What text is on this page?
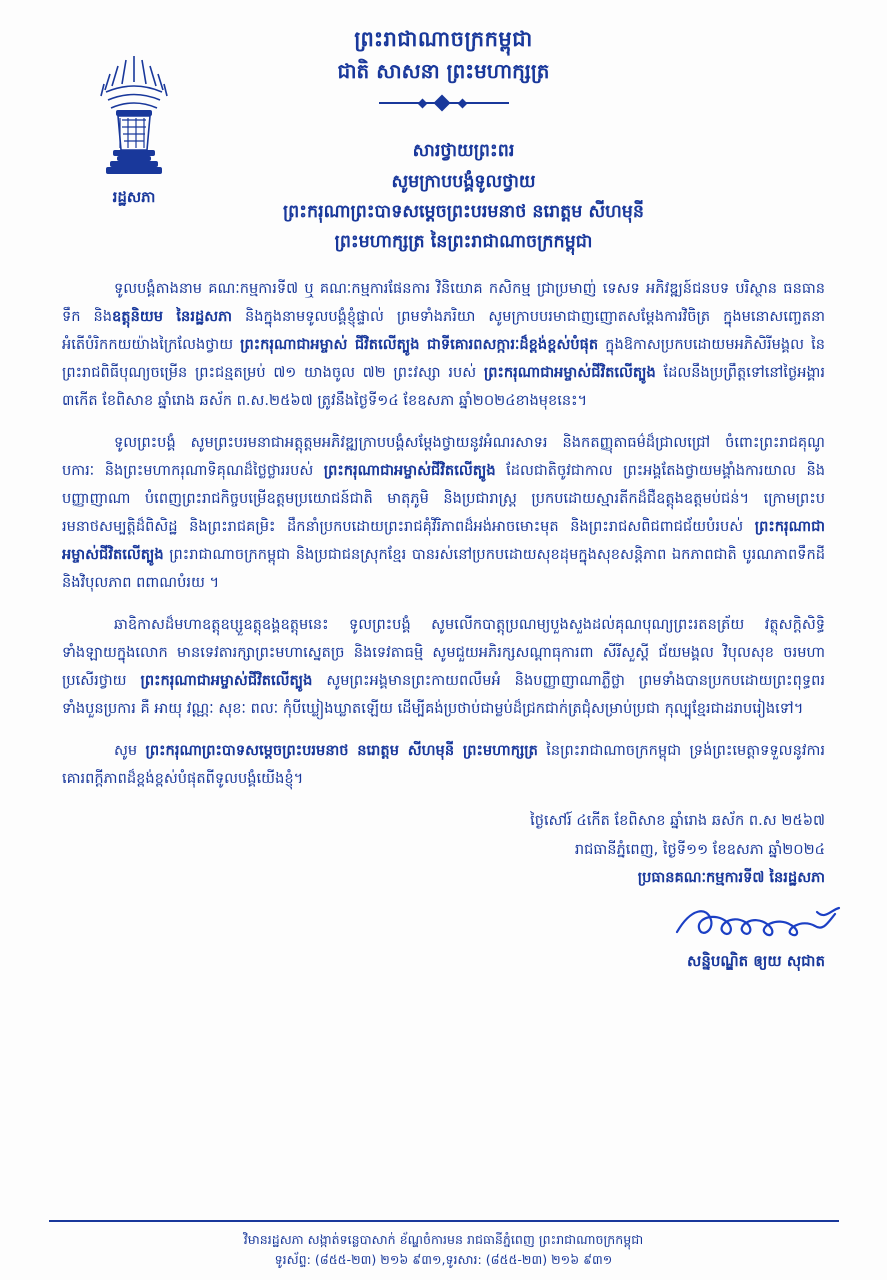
រដ្ឋសភា
ព្រះរាជាណាចក្រកម្ពុជា
ជាតិ សាសនា ព្រះមហាក្សត្រ
សារថ្វាយព្រះពរ
សូមក្រាបបង្គំទូលថ្វាយ
ព្រះករុណាព្រះបាទសម្តេចព្រះបរមនាថ នរោត្តម សីហមុនី
ព្រះមហាក្សត្រ នៃព្រះរាជាណាចក្រកម្ពុជា
ទូលបង្គំតាងនាម គណៈកម្មការទី៧ ឬ ​គណៈកម្មការផែនការ វិនិយោគ កសិកម្ម ជ្រាប្រមាញ់ ទេសទ អភិវឌ្ឍន៍ជនបទ បរិស្ថាន ធនធានទឹក និងឧត្តុនិយម នៃរដ្ឋសភា និងក្នុងនាមទូលបង្គំខ្ញុំផ្ទាល់ ព្រមទាំងភរិយា សូមក្រាបបរមាជាញញោតសម្តែងការវិចិត្រ ក្នុងមនោសញ្ចេតនា អំតើបំរិកកយយ៉ាងក្រៃលែងថ្វាយ ព្រះករុណាជាអម្ចាស់ ជីវិតលើត្បូង ជាទីគោរពសក្ការៈដ៏ខ្ពង់ខ្ពស់បំផុត ក្នុងឱកាសប្រកបដោយមអភិសិរីមង្គល នៃព្រះរាជពិធីបុណ្យចម្រើន ព្រះជន្មតម្រប់ ៧១ យាងចូល ៧២ ព្រះវស្សា របស់ ព្រះករុណាជាអម្ចាស់ជីវិតលើត្បូង ដែលនឹងប្រព្រឹត្តទៅនៅថ្ងៃអង្គារ ៣កើត ខែពិសាខ ឆ្នាំរោង ឆស័ក ព.ស.២៥៦៧ ត្រូវនឹងថ្ងៃទី១៤ ខែឧសភា ឆ្នាំ២០២៤ខាងមុខនេះ។
ទូលព្រះបង្គំ សូមព្រះបរមនាជាអត្តុត្តមអភិវឌ្ឍក្រាបបង្គំសម្តែងថ្វាយនូវអំណរសាទរ និងកតញ្ញុតាធម៌ដ៏ជ្រាលជ្រៅ ចំពោះព្រះរាជគុណូបការៈ និងព្រះមហាករុណាទិគុណដ៏ថ្លៃថ្លាររបស់ ព្រះករុណាជាអម្ចាស់ជីវិតលើត្បូង ដែលជាតិចូវជាកាល ព្រះអង្គតែងថ្វាយមង្គាំងការយាល និងបញ្ញាញាណា បំពេញព្រះរាជកិច្ចបម្រើឧត្តមប្រយោជន៍ជាតិ មាតុភូមិ និងប្រជារាស្ត្រ ប្រកបដោយស្មារតីកដ៏ជឺឧត្តុងឧត្តមប់ជន់។ ក្រោមព្រះបរមនាថសម្បត្តិដ៏ពិសិដ្ឋ និងព្រះរាជគម្រិះ ដឹកនាំប្រកបដោយព្រះរាជគុំវិរិភាពដ៏អង់អាចមោះមុត និងព្រះរាជសពិជពាជជ័យបំរបស់ ព្រះករុណាជាអម្ចាស់ជីវិតលើត្បូង ព្រះរាជាណាចក្រកម្ពុជា និងប្រជាជនស្រុកខ្មែរ បានរស់នៅប្រកបដោយសុខដុមក្នុងសុខសន្តិភាព ឯកភាពជាតិ បូរណភាពទឹកដី និងវិបុលភាព ពពាណបំរយ ។
ឆាឧិកាសដ៏មហាឧត្តុឧប្សួឧត្តុឧង្គឧត្តុមនេះ ទូលព្រះបង្គំ សូមលើកបាត្តុប្រណម្យបួងសួងដល់គុណបុណ្យព្រះរតនត្រ័យ វត្ថុសក្តិសិទ្ធិទាំងឡាយក្នុងលោក មានទេវតារក្សាព្រះមហាស្នេតច្រ និងទេវតាធម្មិ សូមជួយអភិរក្សសណ្តាធុការពា សីរីសួស្តី ជ័យមង្គល វិបុលសុខ ចរមហាប្រសើរថ្វាយ ព្រះករុណាជាអម្ចាស់ជីវិតលើត្បូង សូមព្រះអង្គមានព្រះកាយពលឹមអំ និងបញ្ញាញាណាភ្លឺថ្លា ព្រមទាំងបានប្រកបដោយព្រះពុទ្ធពរ ទាំងបួនប្រការ គឺ អាយុ វណ្ណៈ សុខៈ ពលៈ កុំបីឃ្លៀងឃ្លាតឡើយ ដើម្បីគង់ប្រថាប់ជាម្លប់ដ៏ជ្រកជាក់ត្រជុំសម្រាប់ប្រជា កុល្បុខ្មែរជាដរាបរៀងទៅ។
សូម ព្រះករុណាព្រះបាទសម្តេចព្រះបរមនាថ នរោត្តម សីហមុនី ព្រះមហាក្សត្រ នៃព្រះរាជាណាចក្រកម្ពុជា ទ្រង់ព្រះមេត្តាទទួលនូវការគោរពក្តីភាពដ៏ខ្ពង់ខ្ពស់បំផុតពីទូលបង្គំយើងខ្ញុំ។
ថ្ងៃសៅរ៍ ៤កើត ខែពិសាខ ឆ្នាំរោង ឆស័ក ព.ស ២៥៦៧
រាជធានីភ្នំពេញ, ថ្ងៃទី១១ ខែឧសភា ឆ្នាំ២០២៤
ប្រធានគណៈកម្មការទី៧ នៃរដ្ឋសភា
សន្និបណ្ឌិត ឲ្យយ សុជាត
វិមានរដ្ឋសភា សង្កាត់ទន្លេបាសាក់ ខ័ណ្ឌចំការមន រាជធានីភ្នំពេញ ព្រះរាជាណាចក្រកម្ពុជា
ទូរស័ព្ទ: (៨៥៥-២៣) ២១៦ ៩៣១,ទូរសារ: (៨៥៥-២៣) ២១៦ ៩៣១
